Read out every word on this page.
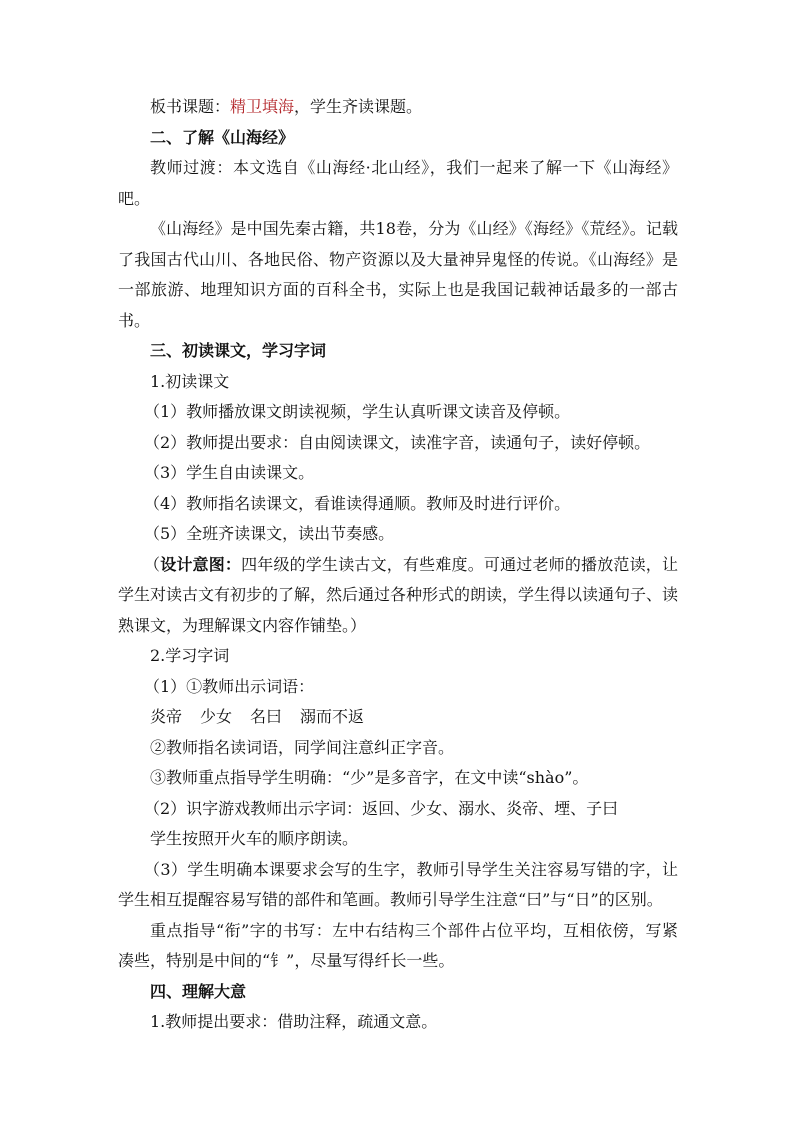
板书课题：精卫填海，学生齐读课题。

二、了解《山海经》

教师过渡：本文选自《山海经·北山经》，我们一起来了解一下《山海经》吧。

《山海经》是中国先秦古籍，共18卷，分为《山经》《海经》《荒经》。记载了我国古代山川、各地民俗、物产资源以及大量神异鬼怪的传说。《山海经》是一部旅游、地理知识方面的百科全书，实际上也是我国记载神话最多的一部古书。

三、初读课文，学习字词

1.初读课文

（1）教师播放课文朗读视频，学生认真听课文读音及停顿。

（2）教师提出要求：自由阅读课文，读准字音，读通句子，读好停顿。

（3）学生自由读课文。

（4）教师指名读课文，看谁读得通顺。教师及时进行评价。

（5）全班齐读课文，读出节奏感。

（设计意图：四年级的学生读古文，有些难度。可通过老师的播放范读，让学生对读古文有初步的了解，然后通过各种形式的朗读，学生得以读通句子、读熟课文，为理解课文内容作铺垫。）

2.学习字词

（1）①教师出示词语：

炎帝 少女 名曰 溺而不返

②教师指名读词语，同学间注意纠正字音。

③教师重点指导学生明确：“少”是多音字，在文中读“shào”。

（2）识字游戏教师出示字词：返回、少女、溺水、炎帝、堙、子曰

学生按照开火车的顺序朗读。

（3）学生明确本课要求会写的生字，教师引导学生关注容易写错的字，让学生相互提醒容易写错的部件和笔画。教师引导学生注意“曰”与“日”的区别。

重点指导“衔”字的书写：左中右结构三个部件占位平均，互相依傍，写紧凑些，特别是中间的“钅”，尽量写得纤长一些。

四、理解大意

1.教师提出要求：借助注释，疏通文意。
